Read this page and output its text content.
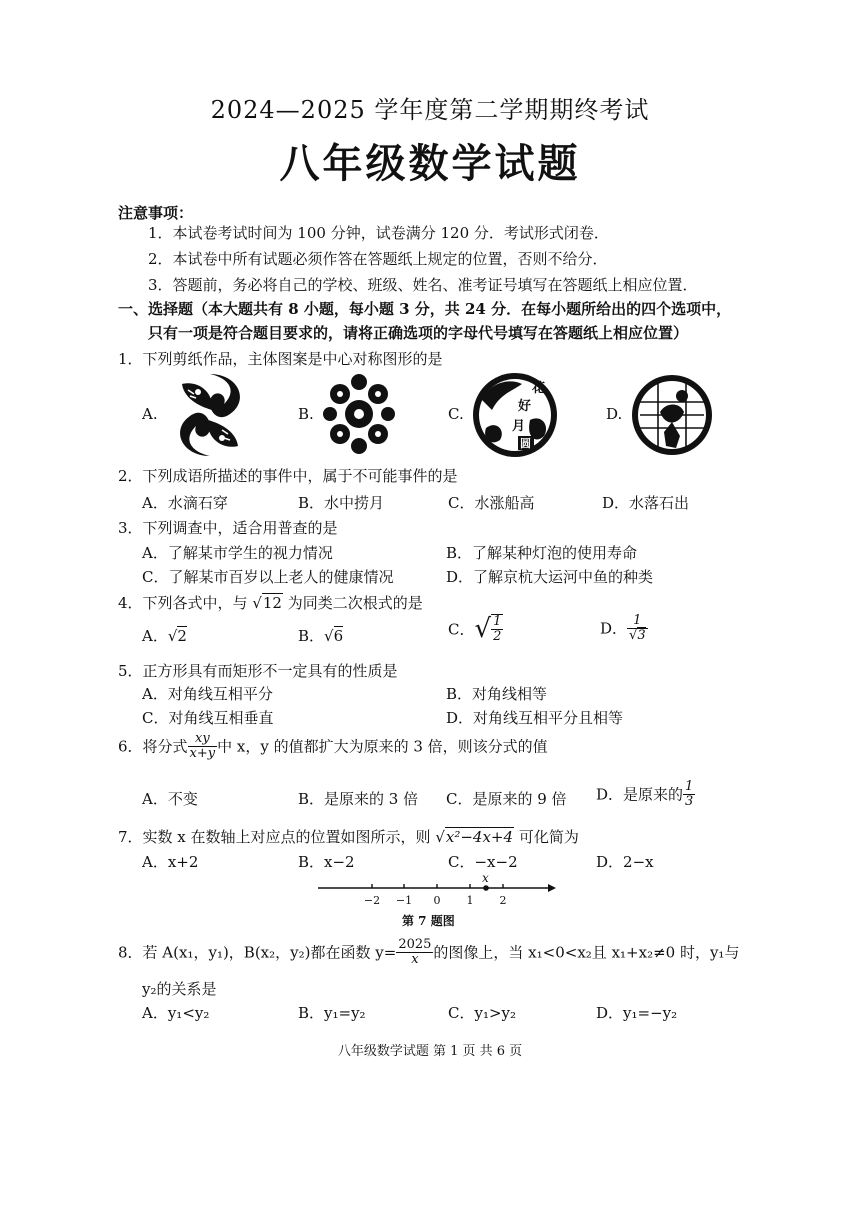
2024—2025 学年度第二学期期终考试
八年级数学试题
注意事项：
1．本试卷考试时间为 100 分钟，试卷满分 120 分．考试形式闭卷．
2．本试卷中所有试题必须作答在答题纸上规定的位置，否则不给分．
3．答题前，务必将自己的学校、班级、姓名、准考证号填写在答题纸上相应位置．
一、选择题（本大题共有 8 小题，每小题 3 分，共 24 分．在每小题所给出的四个选项中，
只有一项是符合题目要求的，请将正确选项的字母代号填写在答题纸上相应位置）
1．下列剪纸作品，主体图案是中心对称图形的是
A.	B.	C.	D.
花
好
月
圆
2．下列成语所描述的事件中，属于不可能事件的是
A．水滴石穿	B．水中捞月	C．水涨船高	D．水落石出
3．下列调查中，适合用普查的是
A．了解某市学生的视力情况	B．了解某种灯泡的使用寿命
C．了解某市百岁以上老人的健康情况	D．了解京杭大运河中鱼的种类
4．下列各式中，与 √12 为同类二次根式的是
A．√2	B．√6	C．√ $\frac{1}{2}$	D． $\frac{1}{√3}$
5．正方形具有而矩形不一定具有的性质是
A．对角线互相平分	B．对角线相等
C．对角线互相垂直	D．对角线互相平分且相等
6．将分式 $\frac{xy}{x+y}$ 中 x，y 的值都扩大为原来的 3 倍，则该分式的值
A．不变	B．是原来的 3 倍 C．是原来的 9 倍 D．是原来的 $\frac{1}{3}$
7．实数 x 在数轴上对应点的位置如图所示，则 √x²−4x+4 可化简为
A．x+2	B．x−2	C．−x−2	D．2−x
x
−2 −1 0 1 2
第 7 题图
8．若 A(x₁，y₁)，B(x₂，y₂)都在函数 $y= \frac{2025}{x}$ 的图像上，当 x₁<0<x₂且 x₁+x₂≠0 时，y₁与
y₂的关系是
A．y₁<y₂	B．y₁=y₂	C．y₁>y₂	D．y₁=−y₂
八年级数学试题 第 1 页 共 6 页
